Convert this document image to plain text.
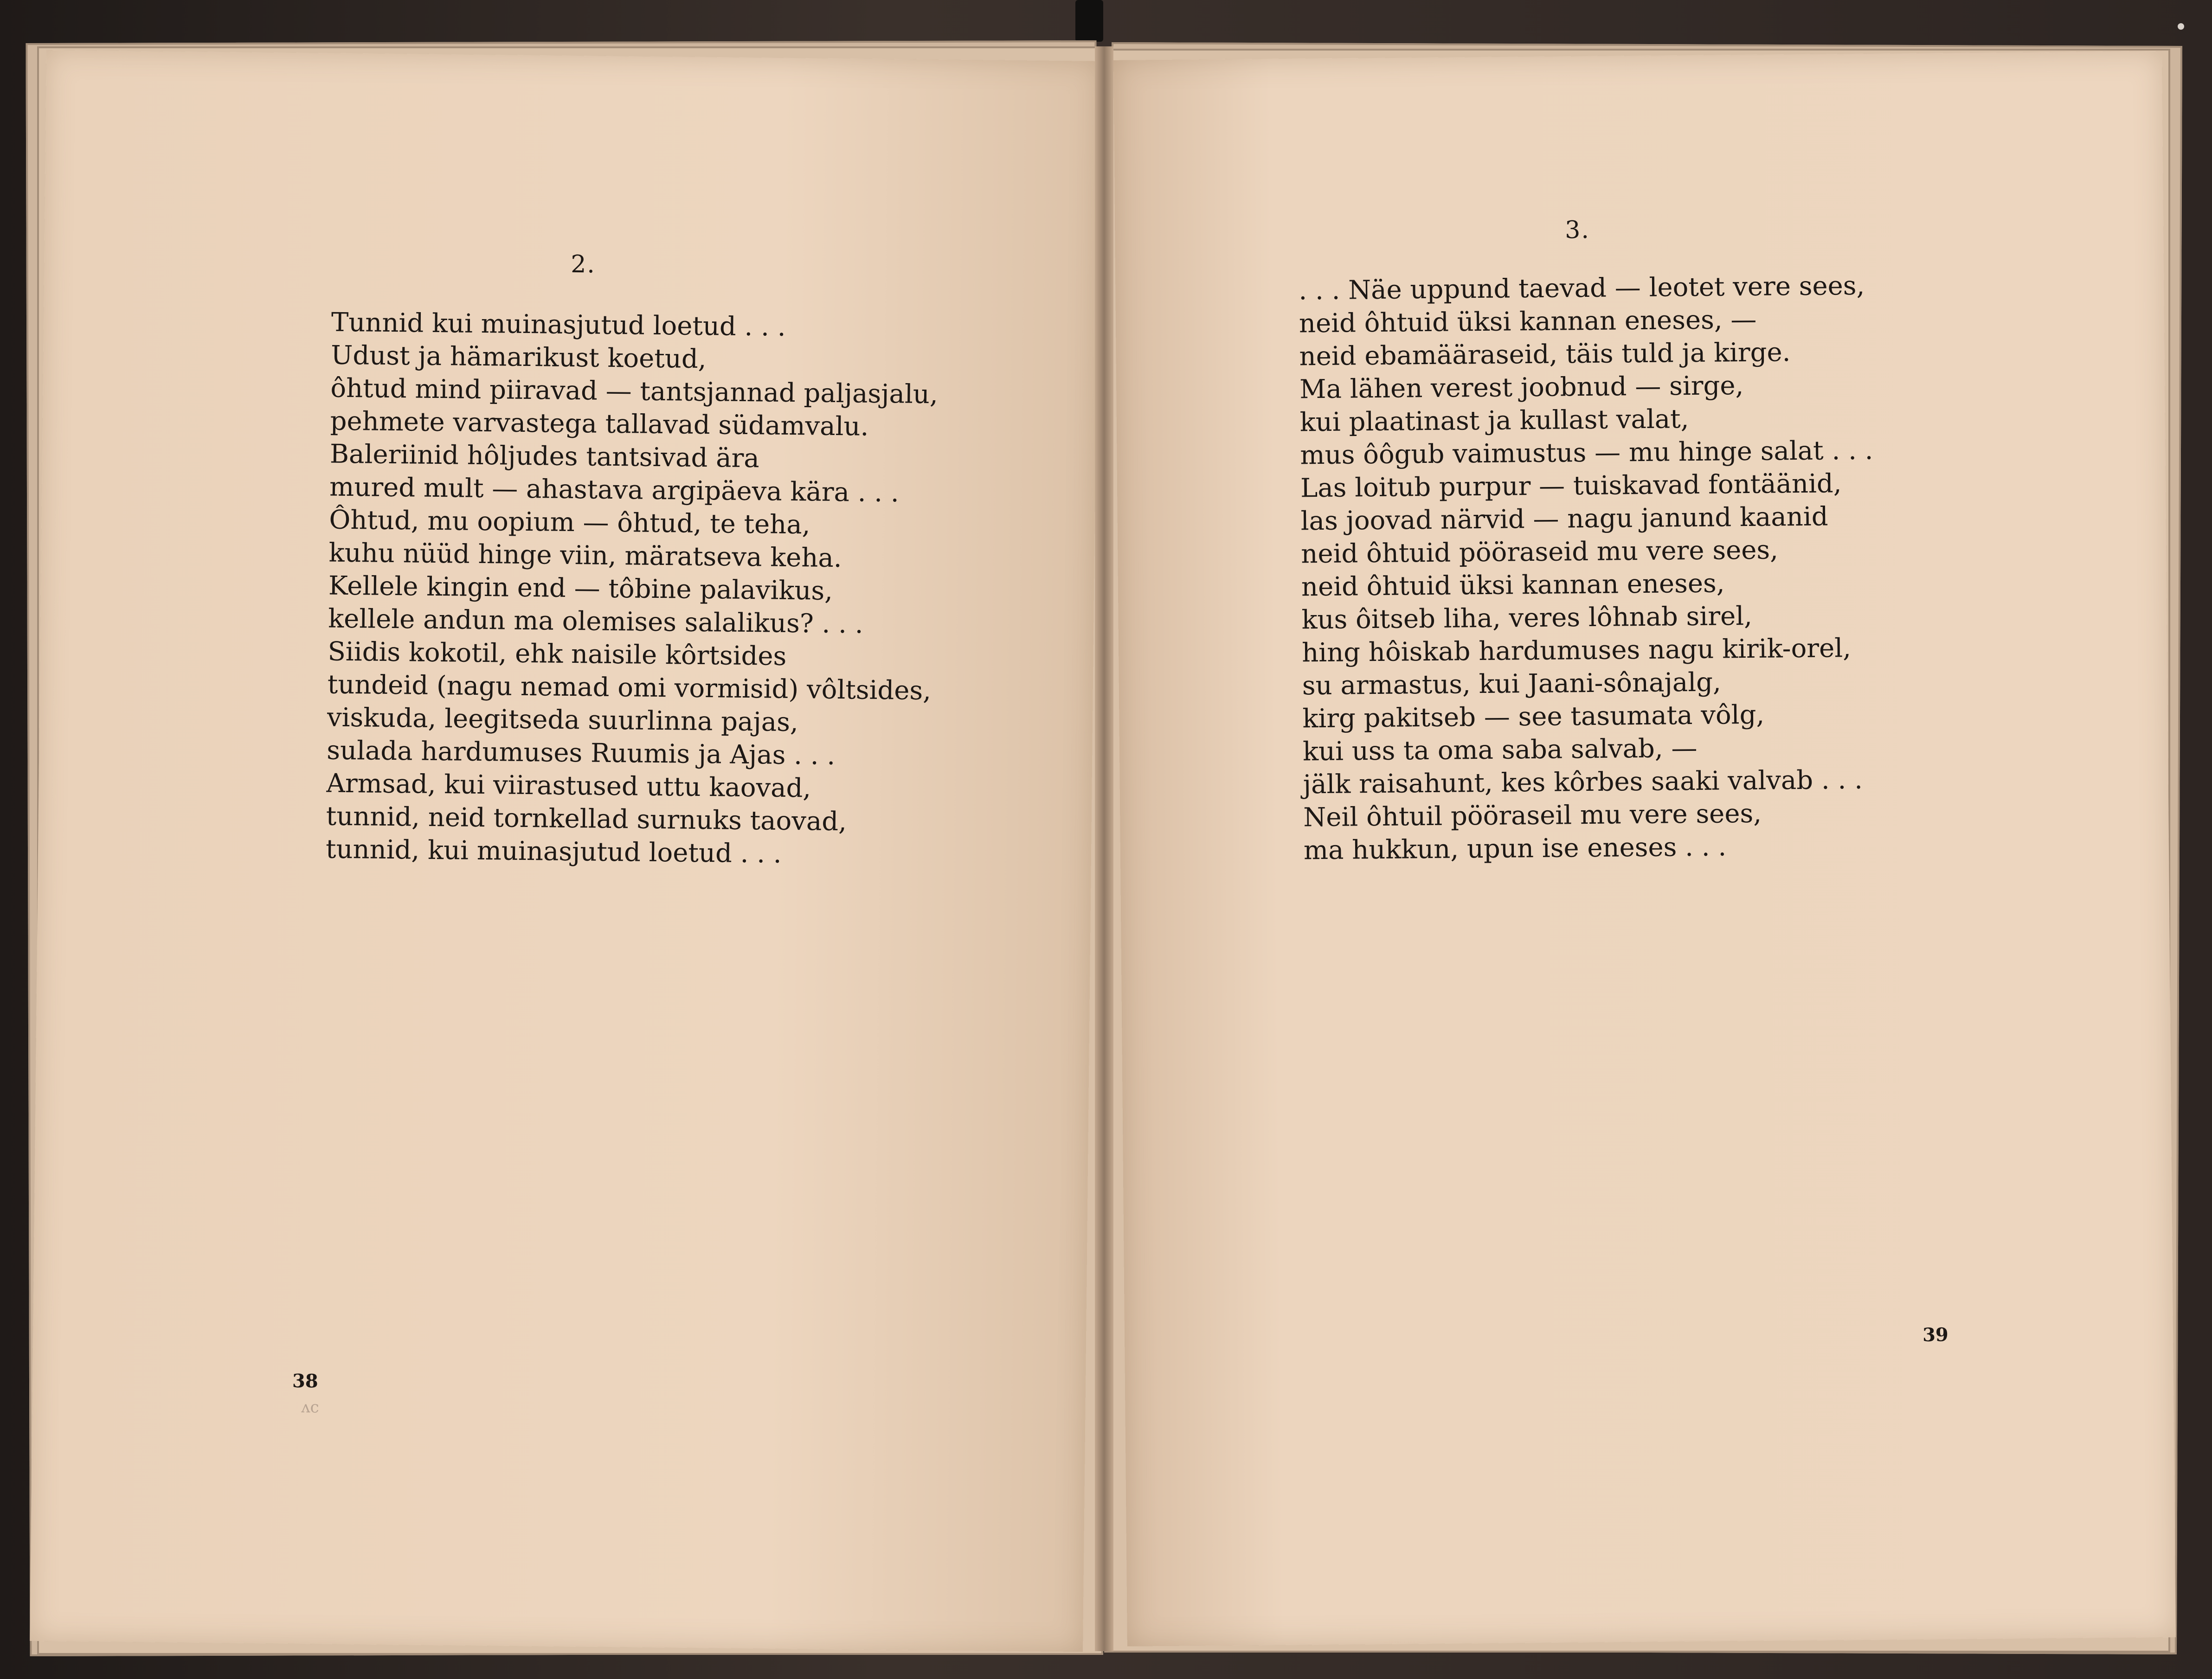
2.
Tunnid kui muinasjutud loetud . . .
Udust ja hämarikust koetud,
ôhtud mind piiravad — tantsjannad paljasjalu,
pehmete varvastega tallavad südamvalu.
Baleriinid hôljudes tantsivad ära
mured mult — ahastava argipäeva kära . . .
Ôhtud, mu oopium — ôhtud, te teha,
kuhu nüüd hinge viin, märatseva keha.
Kellele kingin end — tôbine palavikus,
kellele andun ma olemises salalikus? . . .
Siidis kokotil, ehk naisile kôrtsides
tundeid (nagu nemad omi vormisid) vôltsides,
viskuda, leegitseda suurlinna pajas,
sulada hardumuses Ruumis ja Ajas . . .
Armsad, kui viirastused uttu kaovad,
tunnid, neid tornkellad surnuks taovad,
tunnid, kui muinasjutud loetud . . .
38
ʌc
3.
. . . Näe uppund taevad — leotet vere sees,
neid ôhtuid üksi kannan eneses, —
neid ebamääraseid, täis tuld ja kirge.
Ma lähen verest joobnud — sirge,
kui plaatinast ja kullast valat,
mus ôôgub vaimustus — mu hinge salat . . .
Las loitub purpur — tuiskavad fontäänid,
las joovad närvid — nagu janund kaanid
neid ôhtuid pööraseid mu vere sees,
neid ôhtuid üksi kannan eneses,
kus ôitseb liha, veres lôhnab sirel,
hing hôiskab hardumuses nagu kirik-orel,
su armastus, kui Jaani-sônajalg,
kirg pakitseb — see tasumata vôlg,
kui uss ta oma saba salvab, —
jälk raisahunt, kes kôrbes saaki valvab . . .
Neil ôhtuil pööraseil mu vere sees,
ma hukkun, upun ise eneses . . .
39
